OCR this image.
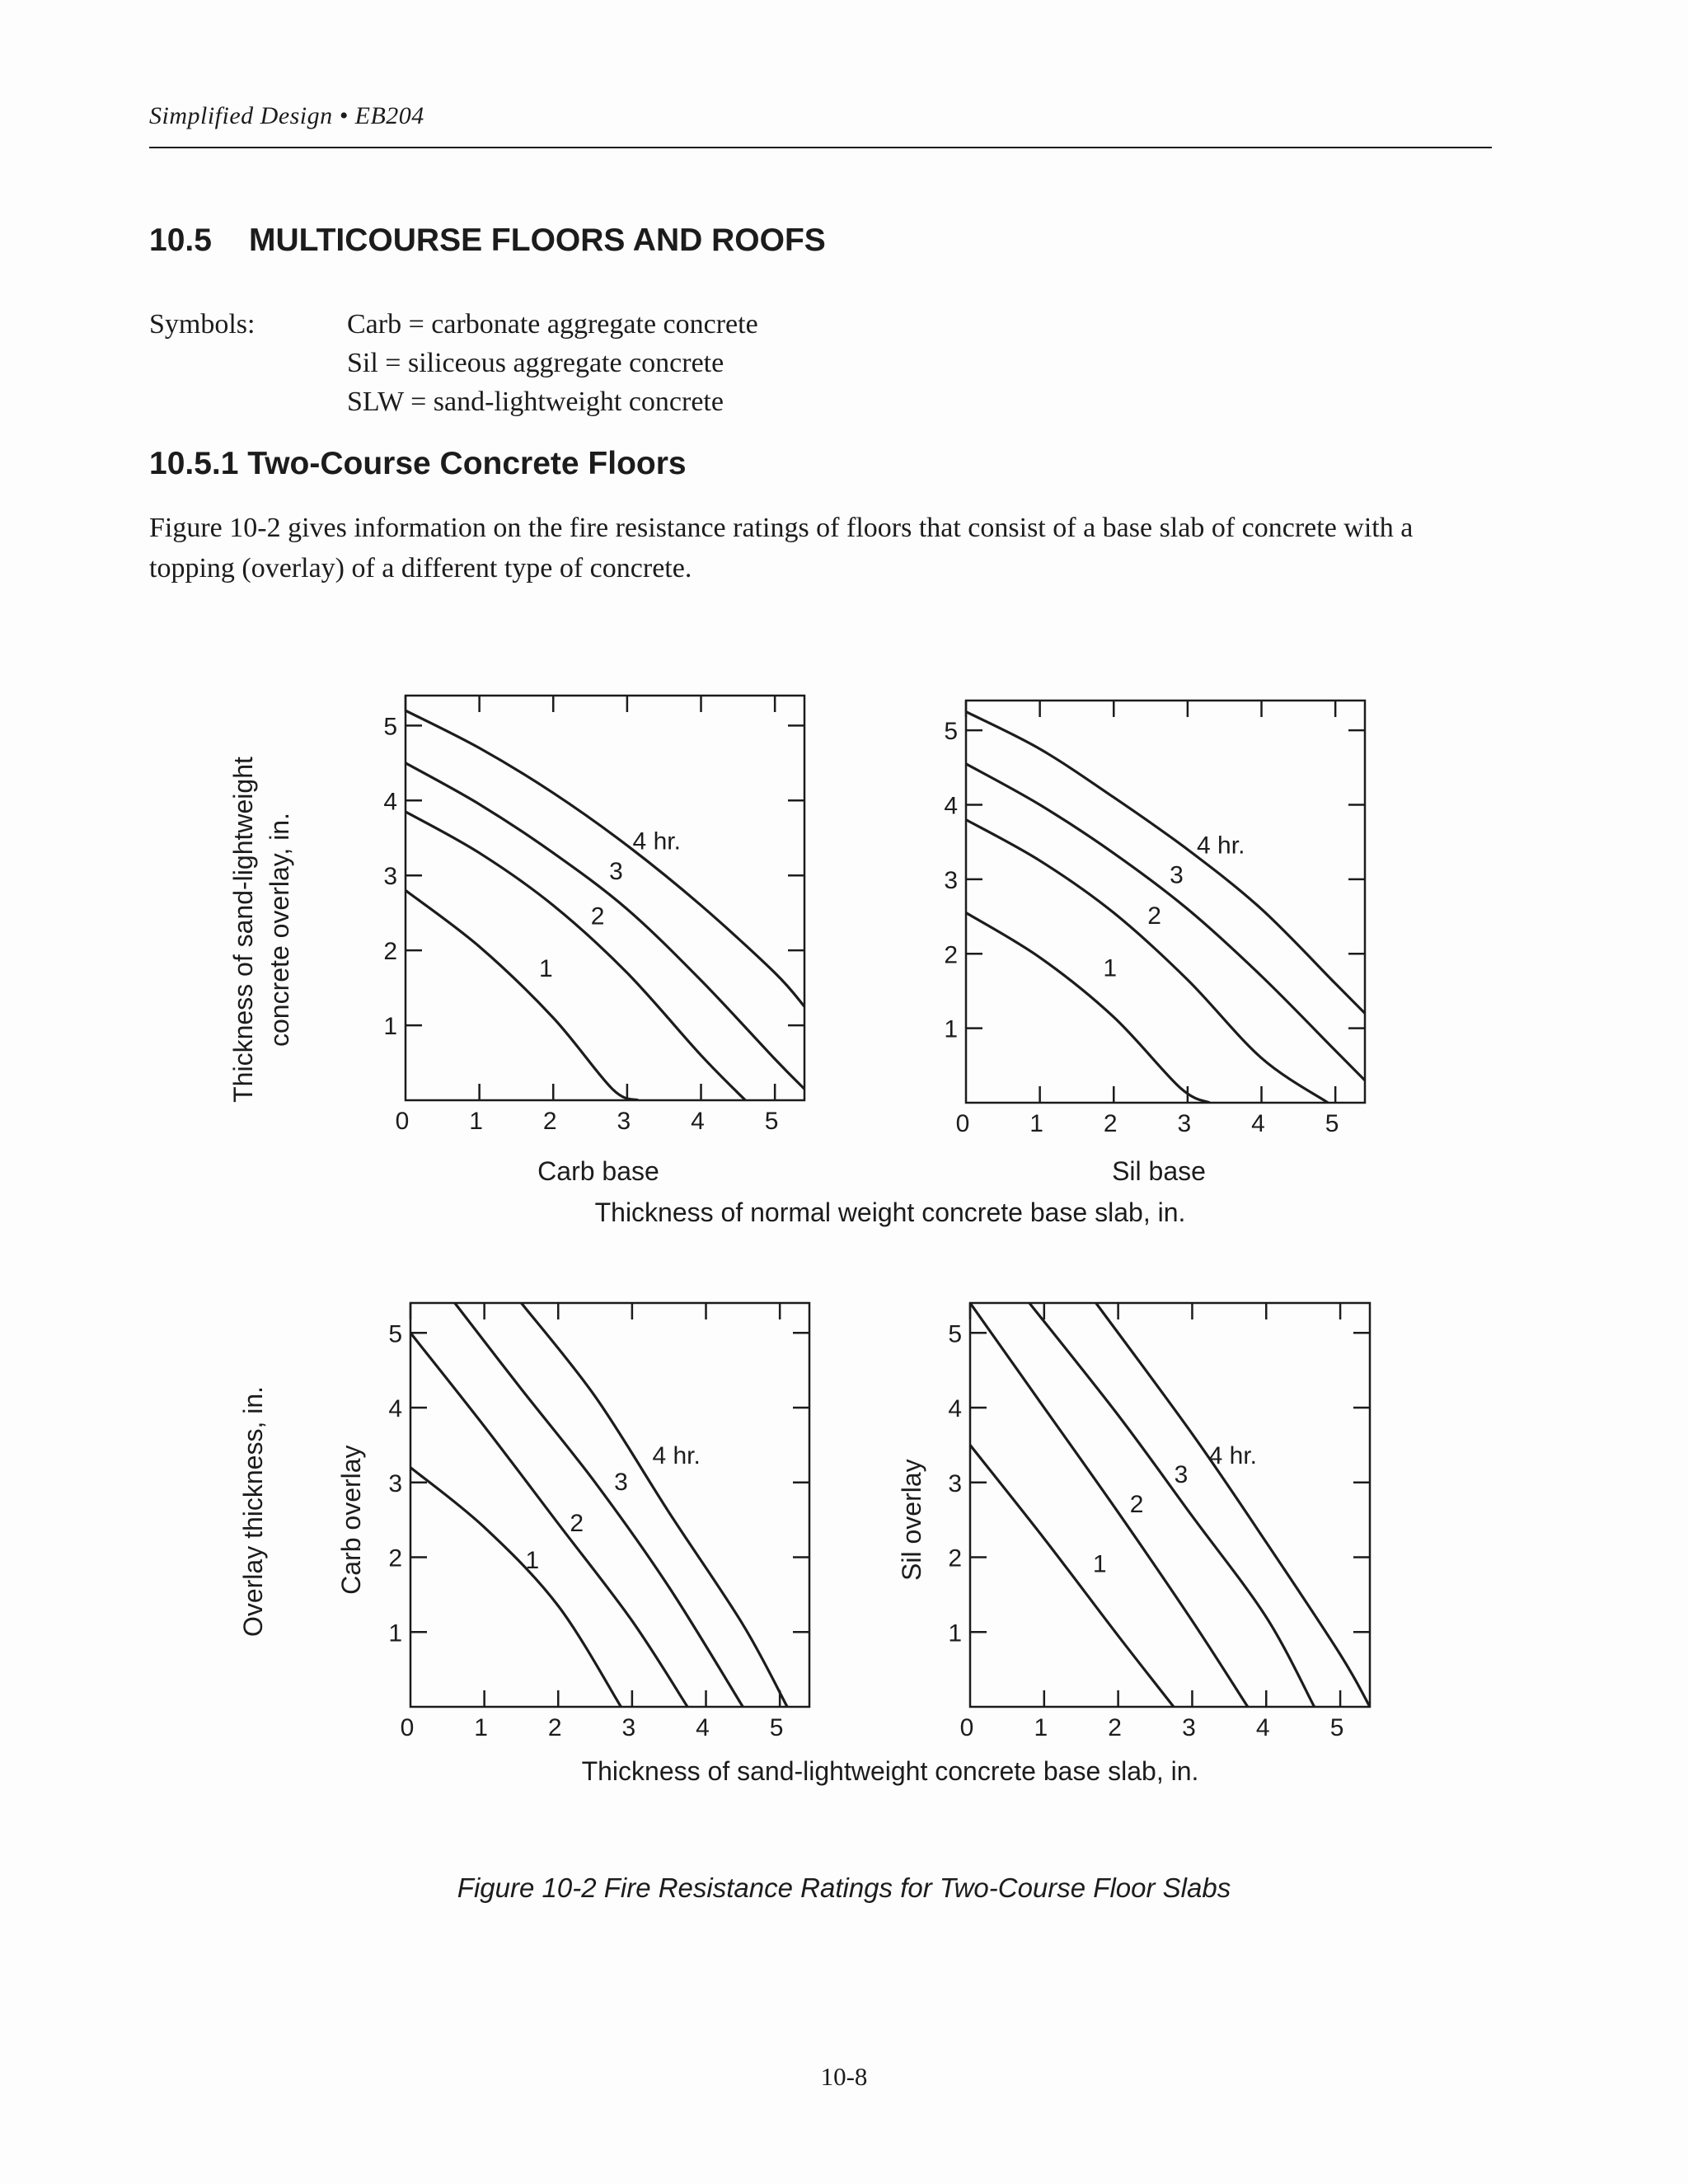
Simplified Design • EB204
10.5 MULTICOURSE FLOORS AND ROOFS
Symbols:	Carb = carbonate aggregate concrete
Sil = siliceous aggregate concrete
SLW = sand-lightweight concrete
10.5.1 Two-Course Concrete Floors

Figure 10-2 gives information on the fire resistance ratings of floors that consist of a base slab of concrete with a topping (overlay) of a different type of concrete.

0 1 2 3 4 5
1
2
3
4
5
1
2
3
4 hr.
Carb base
0 1 2 3 4 5
1
2
3
4
5
1
2
3
4 hr.
Sil base
0 1 2 3 4 5
1
2
3
4
5
1
2
3
4 hr.
Carb overlay
0 1 2 3 4 5
1
2
3
4
5
1
2
3
4 hr.
Sil overlay
Thickness of sand-lightweight concrete overlay, in.
Thickness of normal weight concrete base slab, in.
Overlay thickness, in.
Thickness of sand-lightweight concrete base slab, in.
Figure 10-2 Fire Resistance Ratings for Two-Course Floor Slabs
10-8
